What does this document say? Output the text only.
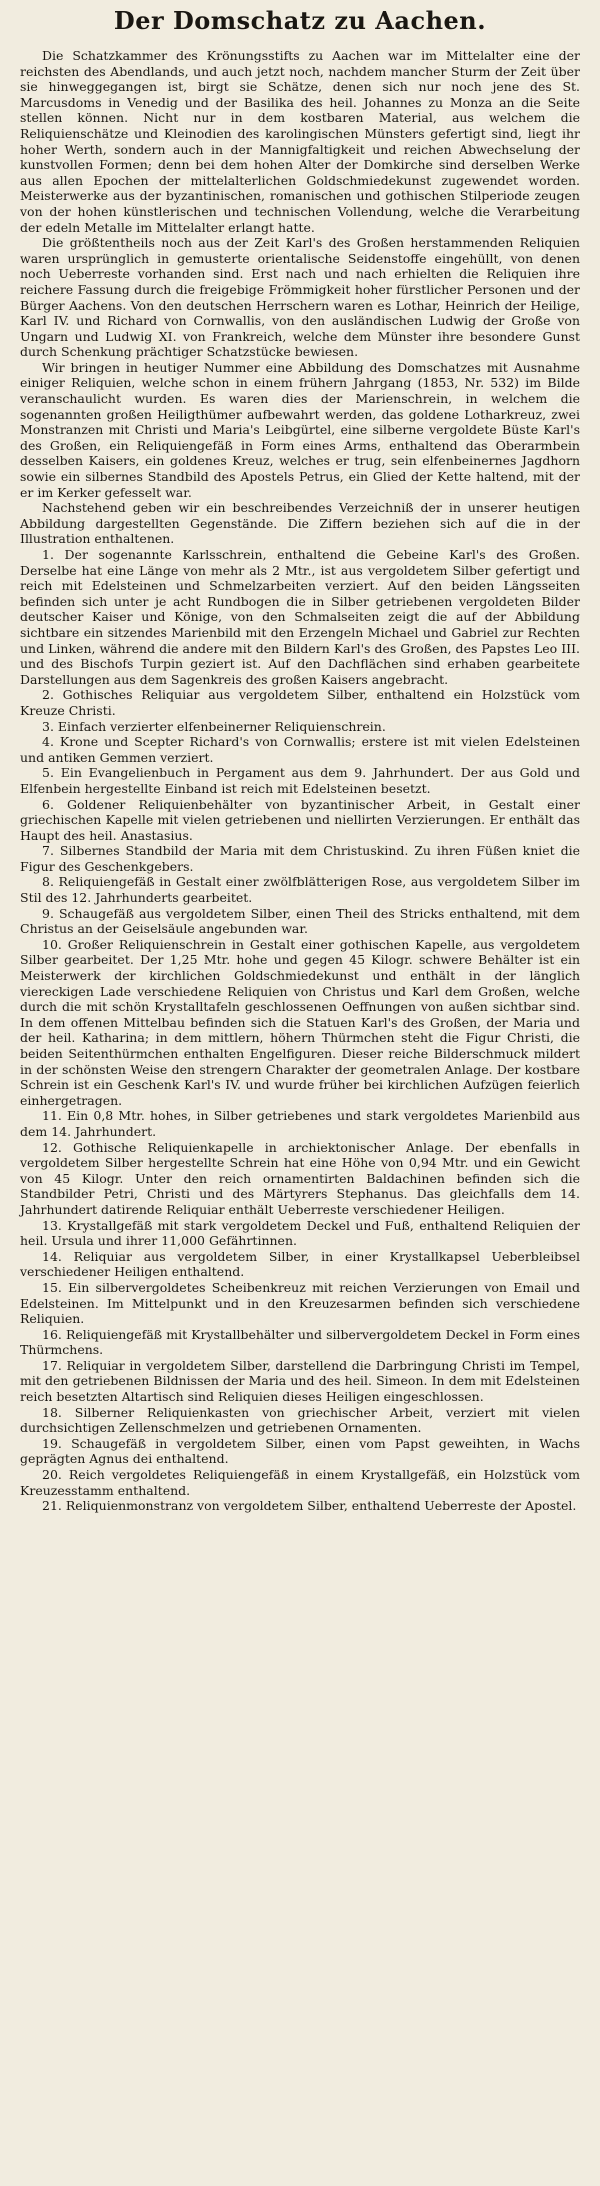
Der Domschatz zu Aachen.

Die Schatzkammer des Krönungsstifts zu Aachen war im Mittelalter eine der reichsten des Abendlands, und auch jetzt noch, nachdem mancher Sturm der Zeit über sie hinweggegangen ist, birgt sie Schätze, denen sich nur noch jene des St. Marcusdoms in Venedig und der Basilika des heil. Johannes zu Monza an die Seite stellen können. Nicht nur in dem kostbaren Material, aus welchem die Reliquienschätze und Kleinodien des karolingischen Münsters gefertigt sind, liegt ihr hoher Werth, sondern auch in der Mannigfaltigkeit und reichen Abwechselung der kunstvollen Formen; denn bei dem hohen Alter der Domkirche sind derselben Werke aus allen Epochen der mittelalterlichen Goldschmiedekunst zugewendet worden. Meisterwerke aus der byzantinischen, romanischen und gothischen Stilperiode zeugen von der hohen künstlerischen und technischen Vollendung, welche die Verarbeitung der edeln Metalle im Mittelalter erlangt hatte.

Die größtentheils noch aus der Zeit Karl's des Großen herstammenden Reliquien waren ursprünglich in gemusterte orientalische Seidenstoffe eingehüllt, von denen noch Ueberreste vorhanden sind. Erst nach und nach erhielten die Reliquien ihre reichere Fassung durch die freigebige Frömmigkeit hoher fürstlicher Personen und der Bürger Aachens. Von den deutschen Herrschern waren es Lothar, Heinrich der Heilige, Karl IV. und Richard von Cornwallis, von den ausländischen Ludwig der Große von Ungarn und Ludwig XI. von Frankreich, welche dem Münster ihre besondere Gunst durch Schenkung prächtiger Schatzstücke bewiesen.

Wir bringen in heutiger Nummer eine Abbildung des Domschatzes mit Ausnahme einiger Reliquien, welche schon in einem frühern Jahrgang (1853, Nr. 532) im Bilde veranschaulicht wurden. Es waren dies der Marienschrein, in welchem die sogenannten großen Heiligthümer aufbewahrt werden, das goldene Lotharkreuz, zwei Monstranzen mit Christi und Maria's Leibgürtel, eine silberne vergoldete Büste Karl's des Großen, ein Reliquiengefäß in Form eines Arms, enthaltend das Oberarmbein desselben Kaisers, ein goldenes Kreuz, welches er trug, sein elfenbeinernes Jagdhorn sowie ein silbernes Standbild des Apostels Petrus, ein Glied der Kette haltend, mit der er im Kerker gefesselt war.

Nachstehend geben wir ein beschreibendes Verzeichniß der in unserer heutigen Abbildung dargestellten Gegenstände. Die Ziffern beziehen sich auf die in der Illustration enthaltenen.

1. Der sogenannte Karlsschrein, enthaltend die Gebeine Karl's des Großen. Derselbe hat eine Länge von mehr als 2 Mtr., ist aus vergoldetem Silber gefertigt und reich mit Edelsteinen und Schmelzarbeiten verziert. Auf den beiden Längsseiten befinden sich unter je acht Rundbogen die in Silber getriebenen vergoldeten Bilder deutscher Kaiser und Könige, von den Schmalseiten zeigt die auf der Abbildung sichtbare ein sitzendes Marienbild mit den Erzengeln Michael und Gabriel zur Rechten und Linken, während die andere mit den Bildern Karl's des Großen, des Papstes Leo III. und des Bischofs Turpin geziert ist. Auf den Dachflächen sind erhaben gearbeitete Darstellungen aus dem Sagenkreis des großen Kaisers angebracht.

2. Gothisches Reliquiar aus vergoldetem Silber, enthaltend ein Holzstück vom Kreuze Christi.

3. Einfach verzierter elfenbeinerner Reliquienschrein.

4. Krone und Scepter Richard's von Cornwallis; erstere ist mit vielen Edelsteinen und antiken Gemmen verziert.

5. Ein Evangelienbuch in Pergament aus dem 9. Jahrhundert. Der aus Gold und Elfenbein hergestellte Einband ist reich mit Edelsteinen besetzt.

6. Goldener Reliquienbehälter von byzantinischer Arbeit, in Gestalt einer griechischen Kapelle mit vielen getriebenen und niellirten Verzierungen. Er enthält das Haupt des heil. Anastasius.

7. Silbernes Standbild der Maria mit dem Christuskind. Zu ihren Füßen kniet die Figur des Geschenkgebers.

8. Reliquiengefäß in Gestalt einer zwölfblätterigen Rose, aus vergoldetem Silber im Stil des 12. Jahrhunderts gearbeitet.

9. Schaugefäß aus vergoldetem Silber, einen Theil des Stricks enthaltend, mit dem Christus an der Geiselsäule angebunden war.

10. Großer Reliquienschrein in Gestalt einer gothischen Kapelle, aus vergoldetem Silber gearbeitet. Der 1,25 Mtr. hohe und gegen 45 Kilogr. schwere Behälter ist ein Meisterwerk der kirchlichen Goldschmiedekunst und enthält in der länglich viereckigen Lade verschiedene Reliquien von Christus und Karl dem Großen, welche durch die mit schön Krystalltafeln geschlossenen Oeffnungen von außen sichtbar sind. In dem offenen Mittelbau befinden sich die Statuen Karl's des Großen, der Maria und der heil. Katharina; in dem mittlern, höhern Thürmchen steht die Figur Christi, die beiden Seitenthürmchen enthalten Engelfiguren. Dieser reiche Bilderschmuck mildert in der schönsten Weise den strengern Charakter der geometralen Anlage. Der kostbare Schrein ist ein Geschenk Karl's IV. und wurde früher bei kirchlichen Aufzügen feierlich einhergetragen.

11. Ein 0,8 Mtr. hohes, in Silber getriebenes und stark vergoldetes Marienbild aus dem 14. Jahrhundert.

12. Gothische Reliquienkapelle in archiektonischer Anlage. Der ebenfalls in vergoldetem Silber hergestellte Schrein hat eine Höhe von 0,94 Mtr. und ein Gewicht von 45 Kilogr. Unter den reich ornamentirten Baldachinen befinden sich die Standbilder Petri, Christi und des Märtyrers Stephanus. Das gleichfalls dem 14. Jahrhundert datirende Reliquiar enthält Ueberreste verschiedener Heiligen.

13. Krystallgefäß mit stark vergoldetem Deckel und Fuß, enthaltend Reliquien der heil. Ursula und ihrer 11,000 Gefährtinnen.

14. Reliquiar aus vergoldetem Silber, in einer Krystallkapsel Ueberbleibsel verschiedener Heiligen enthaltend.

15. Ein silbervergoldetes Scheibenkreuz mit reichen Verzierungen von Email und Edelsteinen. Im Mittelpunkt und in den Kreuzesarmen befinden sich verschiedene Reliquien.

16. Reliquiengefäß mit Krystallbehälter und silbervergoldetem Deckel in Form eines Thürmchens.

17. Reliquiar in vergoldetem Silber, darstellend die Darbringung Christi im Tempel, mit den getriebenen Bildnissen der Maria und des heil. Simeon. In dem mit Edelsteinen reich besetzten Altartisch sind Reliquien dieses Heiligen eingeschlossen.

18. Silberner Reliquienkasten von griechischer Arbeit, verziert mit vielen durchsichtigen Zellenschmelzen und getriebenen Ornamenten.

19. Schaugefäß in vergoldetem Silber, einen vom Papst geweihten, in Wachs geprägten Agnus dei enthaltend.

20. Reich vergoldetes Reliquiengefäß in einem Krystallgefäß, ein Holzstück vom Kreuzesstamm enthaltend.

21. Reliquienmonstranz von vergoldetem Silber, enthaltend Ueberreste der Apostel.
